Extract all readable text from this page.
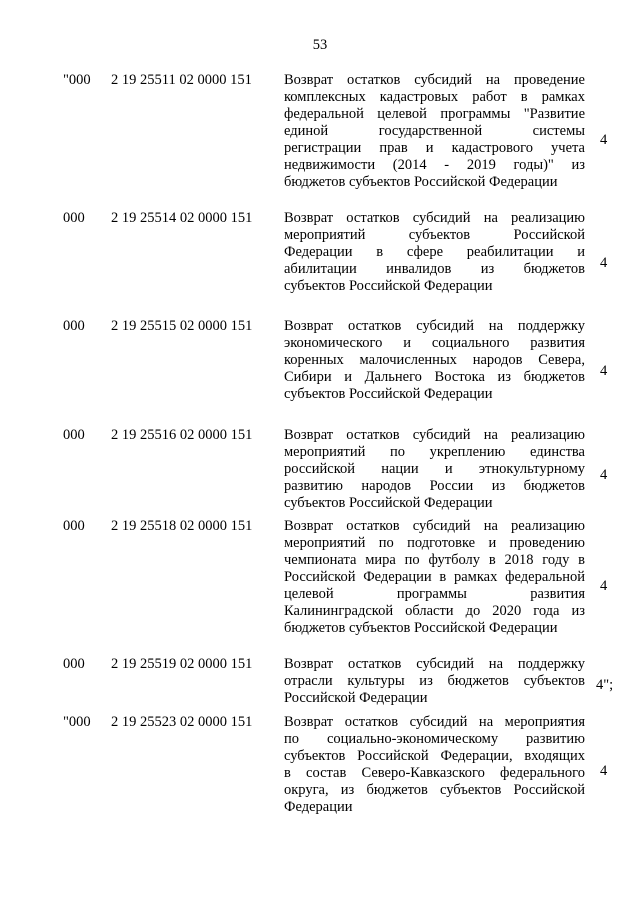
53
"000 2 19 25511 02 0000 151 Возврат остатков субсидий на проведение
комплексных кадастровых работ в рамках
федеральной целевой программы "Развитие
единой государственной системы
регистрации прав и кадастрового учета
недвижимости (2014 - 2019 годы)" из
бюджетов субъектов Российской Федерации
4
000 2 19 25514 02 0000 151 Возврат остатков субсидий на реализацию
мероприятий субъектов Российской
Федерации в сфере реабилитации и
абилитации инвалидов из бюджетов
субъектов Российской Федерации
4
000 2 19 25515 02 0000 151 Возврат остатков субсидий на поддержку
экономического и социального развития
коренных малочисленных народов Севера,
Сибири и Дальнего Востока из бюджетов
субъектов Российской Федерации
4
000 2 19 25516 02 0000 151 Возврат остатков субсидий на реализацию
мероприятий по укреплению единства
российской нации и этнокультурному
развитию народов России из бюджетов
субъектов Российской Федерации
4
000 2 19 25518 02 0000 151 Возврат остатков субсидий на реализацию
мероприятий по подготовке и проведению
чемпионата мира по футболу в 2018 году в
Российской Федерации в рамках федеральной
целевой программы развития
Калининградской области до 2020 года из
бюджетов субъектов Российской Федерации
4
000 2 19 25519 02 0000 151 Возврат остатков субсидий на поддержку
отрасли культуры из бюджетов субъектов
Российской Федерации
4";
"000 2 19 25523 02 0000 151 Возврат остатков субсидий на мероприятия
по социально-экономическому развитию
субъектов Российской Федерации, входящих
в состав Северо-Кавказского федерального
округа, из бюджетов субъектов Российской
Федерации
4
